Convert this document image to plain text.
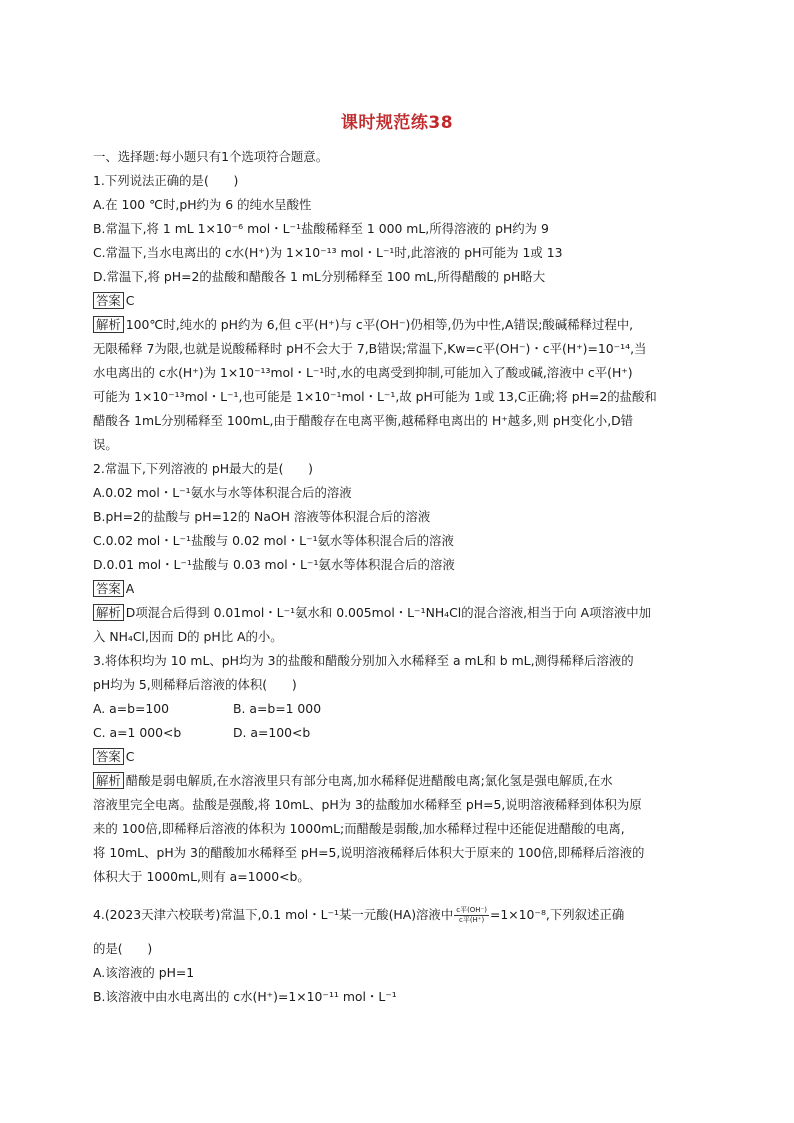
课时规范练38
一、选择题:每小题只有1个选项符合题意。
1.下列说法正确的是(　　)
A.在 100 ℃时,pH约为 6 的纯水呈酸性
B.常温下,将 1 mL 1×10⁻⁶ mol・L⁻¹盐酸稀释至 1 000 mL,所得溶液的 pH约为 9
C.常温下,当水电离出的 c水(H⁺)为 1×10⁻¹³ mol・L⁻¹时,此溶液的 pH可能为 1或 13
D.常温下,将 pH=2的盐酸和醋酸各 1 mL分别稀释至 100 mL,所得醋酸的 pH略大
答案 C
解析 100℃时,纯水的 pH约为 6,但 c平(H⁺)与 c平(OH⁻)仍相等,仍为中性,A错误;酸碱稀释过程中,
无限稀释 7为限,也就是说酸稀释时 pH不会大于 7,B错误;常温下,Kw=c平(OH⁻)・c平(H⁺)=10⁻¹⁴,当
水电离出的 c水(H⁺)为 1×10⁻¹³mol・L⁻¹时,水的电离受到抑制,可能加入了酸或碱,溶液中 c平(H⁺)
可能为 1×10⁻¹³mol・L⁻¹,也可能是 1×10⁻¹mol・L⁻¹,故 pH可能为 1或 13,C正确;将 pH=2的盐酸和
醋酸各 1mL分别稀释至 100mL,由于醋酸存在电离平衡,越稀释电离出的 H⁺越多,则 pH变化小,D错
误。
2.常温下,下列溶液的 pH最大的是(　　)
A.0.02 mol・L⁻¹氨水与水等体积混合后的溶液
B.pH=2的盐酸与 pH=12的 NaOH 溶液等体积混合后的溶液
C.0.02 mol・L⁻¹盐酸与 0.02 mol・L⁻¹氨水等体积混合后的溶液
D.0.01 mol・L⁻¹盐酸与 0.03 mol・L⁻¹氨水等体积混合后的溶液
答案 A
解析 D项混合后得到 0.01mol・L⁻¹氨水和 0.005mol・L⁻¹NH₄Cl的混合溶液,相当于向 A项溶液中加
入 NH₄Cl,因而 D的 pH比 A的小。
3.将体积均为 10 mL、pH均为 3的盐酸和醋酸分别加入水稀释至 a mL和 b mL,测得稀释后溶液的
pH均为 5,则稀释后溶液的体积(　　)
A. a=b=100	B. a=b=1 000
C. a=1 000<b	D. a=100<b
答案 C
解析 醋酸是弱电解质,在水溶液里只有部分电离,加水稀释促进醋酸电离;氯化氢是强电解质,在水
溶液里完全电离。盐酸是强酸,将 10mL、pH为 3的盐酸加水稀释至 pH=5,说明溶液稀释到体积为原
来的 100倍,即稀释后溶液的体积为 1000mL;而醋酸是弱酸,加水稀释过程中还能促进醋酸的电离,
将 10mL、pH为 3的醋酸加水稀释至 pH=5,说明溶液稀释后体积大于原来的 100倍,即稀释后溶液的
体积大于 1000mL,则有 a=1000<b。
4.(2023天津六校联考)常温下,0.1 mol・L⁻¹某一元酸(HA)溶液中 $\frac{\text{c平(OH⁻)}}{\text{c平(H⁺)}} =1\times 10^{-8}$,下列叙述正确
的是(　　)
A.该溶液的 pH=1
B.该溶液中由水电离出的 c水(H⁺)=1×10⁻¹¹ mol・L⁻¹
